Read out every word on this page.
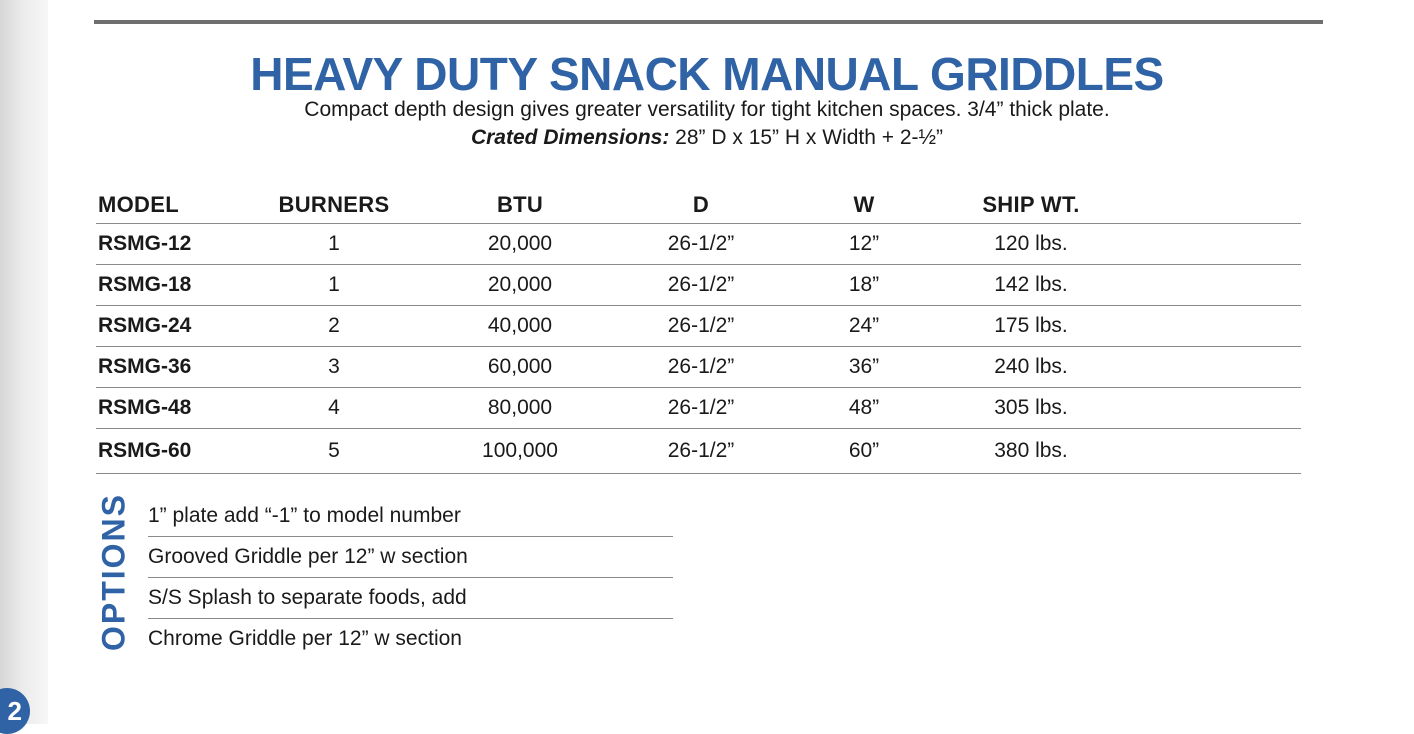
2
HEAVY DUTY SNACK MANUAL GRIDDLES

Compact depth design gives greater versatility for tight kitchen spaces. 3/4” thick plate.

Crated Dimensions: 28” D x 15” H x Width + 2-½”

MODEL	BURNERS	BTU	D	W	SHIP WT.
RSMG-12	1	20,000	26-1/2”	12”	120 lbs.
RSMG-18	1	20,000	26-1/2”	18”	142 lbs.
RSMG-24	2	40,000	26-1/2”	24”	175 lbs.
RSMG-36	3	60,000	26-1/2”	36”	240 lbs.
RSMG-48	4	80,000	26-1/2”	48”	305 lbs.
RSMG-60	5	100,000	26-1/2”	60”	380 lbs.
OPTIONS 1” plate add “-1” to model number
Grooved Griddle per 12” w section
S/S Splash to separate foods, add
Chrome Griddle per 12” w section
